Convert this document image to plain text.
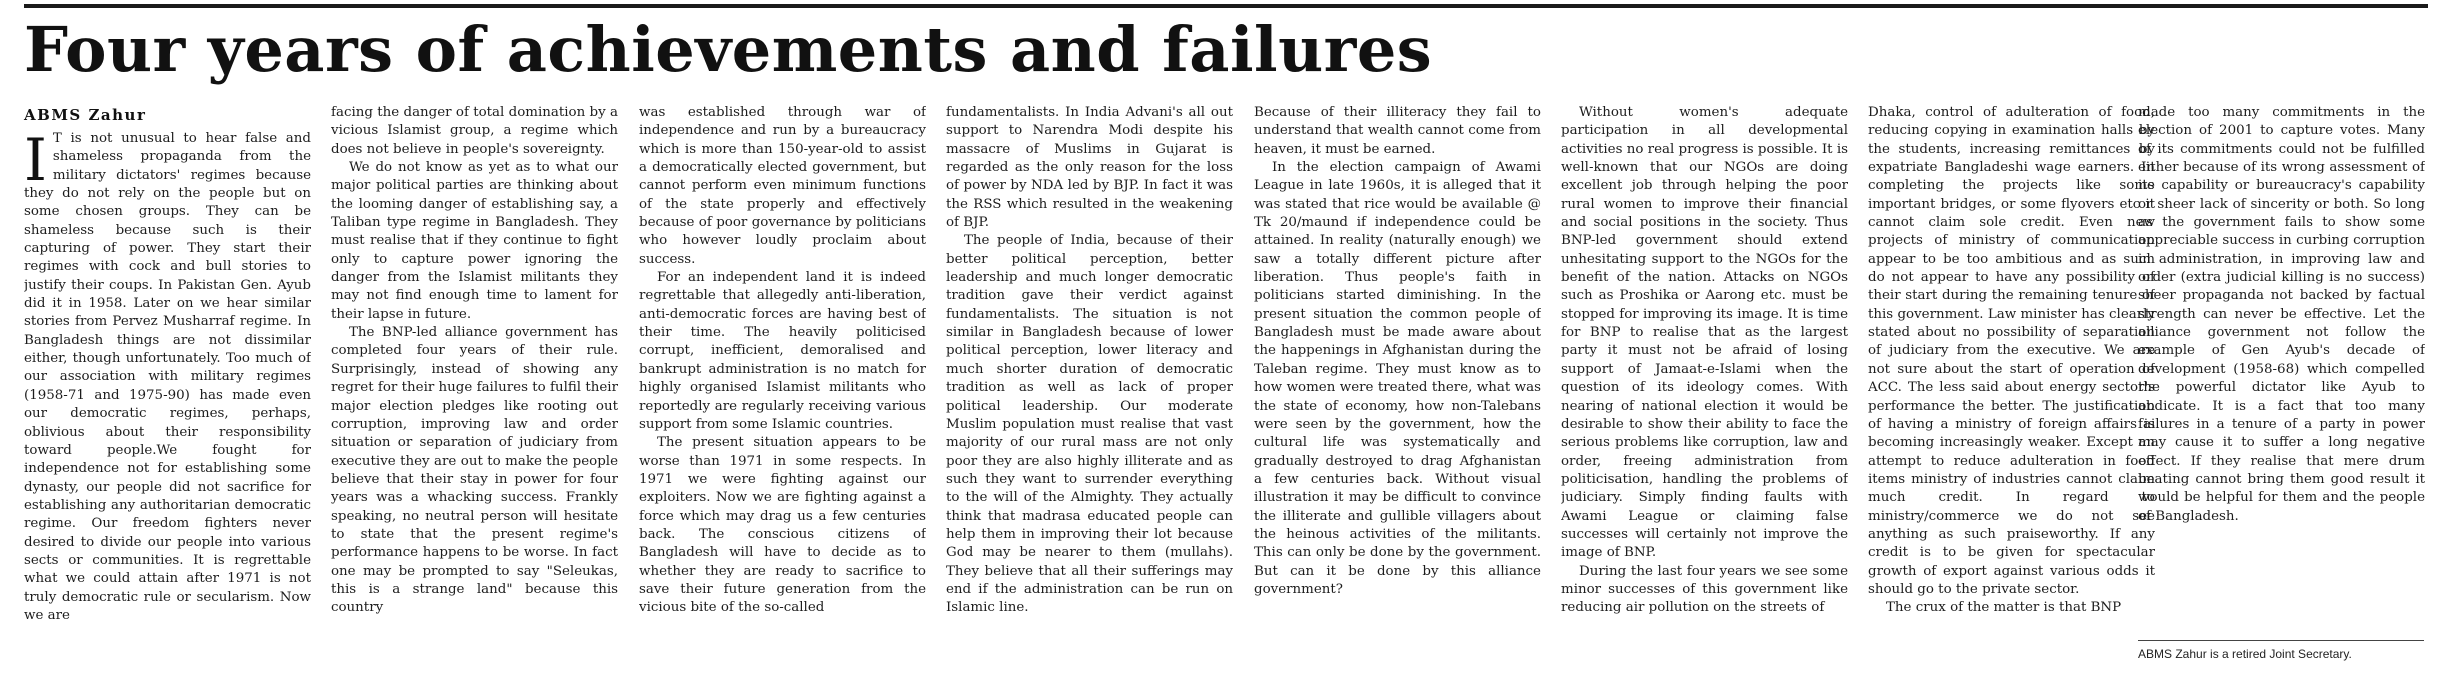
Four years of achievements and failures
ABMS Zahur

I T is not unusual to hear false and shameless propaganda from the military dictators' regimes because they do not rely on the people but on some chosen groups. They can be shameless because such is their capturing of power. They start their regimes with cock and bull stories to justify their coups. In Pakistan Gen. Ayub did it in 1958. Later on we hear similar stories from Pervez Musharraf regime. In Bangladesh things are not dissimilar either, though unfortunately. Too much of our association with military regimes (1958-71 and 1975-90) has made even our democratic regimes, perhaps, oblivious about their responsibility toward people.We fought for independence not for establishing some dynasty, our people did not sacrifice for establishing any authoritarian democratic regime. Our freedom fighters never desired to divide our people into various sects or communities. It is regrettable what we could attain after 1971 is not truly democratic rule or secularism. Now we are

facing the danger of total domination by a vicious Islamist group, a regime which does not believe in people's sovereignty.

We do not know as yet as to what our major political parties are thinking about the looming danger of establishing say, a Taliban type regime in Bangladesh. They must realise that if they continue to fight only to capture power ignoring the danger from the Islamist militants they may not find enough time to lament for their lapse in future.

The BNP-led alliance government has completed four years of their rule. Surprisingly, instead of showing any regret for their huge failures to fulfil their major election pledges like rooting out corruption, improving law and order situation or separation of judiciary from executive they are out to make the people believe that their stay in power for four years was a whacking success. Frankly speaking, no neutral person will hesitate to state that the present regime's performance happens to be worse. In fact one may be prompted to say "Seleukas, this is a strange land" because this country

was established through war of independence and run by a bureaucracy which is more than 150-year-old to assist a democratically elected government, but cannot perform even minimum functions of the state properly and effectively because of poor governance by politicians who however loudly proclaim about success.

For an independent land it is indeed regrettable that allegedly anti-liberation, anti-democratic forces are having best of their time. The heavily politicised corrupt, inefficient, demoralised and bankrupt administration is no match for highly organised Islamist militants who reportedly are regularly receiving various support from some Islamic countries.

The present situation appears to be worse than 1971 in some respects. In 1971 we were fighting against our exploiters. Now we are fighting against a force which may drag us a few centuries back. The conscious citizens of Bangladesh will have to decide as to whether they are ready to sacrifice to save their future generation from the vicious bite of the so-called

fundamentalists. In India Advani's all out support to Narendra Modi despite his massacre of Muslims in Gujarat is regarded as the only reason for the loss of power by NDA led by BJP. In fact it was the RSS which resulted in the weakening of BJP.

The people of India, because of their better political perception, better leadership and much longer democratic tradition gave their verdict against fundamentalists. The situation is not similar in Bangladesh because of lower political perception, lower literacy and much shorter duration of democratic tradition as well as lack of proper political leadership. Our moderate Muslim population must realise that vast majority of our rural mass are not only poor they are also highly illiterate and as such they want to surrender everything to the will of the Almighty. They actually think that madrasa educated people can help them in improving their lot because God may be nearer to them (mullahs). They believe that all their sufferings may end if the administration can be run on Islamic line.

Because of their illiteracy they fail to understand that wealth cannot come from heaven, it must be earned.

In the election campaign of Awami League in late 1960s, it is alleged that it was stated that rice would be available @ Tk 20/maund if independence could be attained. In reality (naturally enough) we saw a totally different picture after liberation. Thus people's faith in politicians started diminishing. In the present situation the common people of Bangladesh must be made aware about the happenings in Afghanistan during the Taleban regime. They must know as to how women were treated there, what was the state of economy, how non-Talebans were seen by the government, how the cultural life was systematically and gradually destroyed to drag Afghanistan a few centuries back. Without visual illustration it may be difficult to convince the illiterate and gullible villagers about the heinous activities of the militants. This can only be done by the government. But can it be done by this alliance government?

Without women's adequate participation in all developmental activities no real progress is possible. It is well-known that our NGOs are doing excellent job through helping the poor rural women to improve their financial and social positions in the society. Thus BNP-led government should extend unhesitating support to the NGOs for the benefit of the nation. Attacks on NGOs such as Proshika or Aarong etc. must be stopped for improving its image. It is time for BNP to realise that as the largest party it must not be afraid of losing support of Jamaat-e-Islami when the question of its ideology comes. With nearing of national election it would be desirable to show their ability to face the serious problems like corruption, law and order, freeing administration from politicisation, handling the problems of judiciary. Simply finding faults with Awami League or claiming false successes will certainly not improve the image of BNP.

During the last four years we see some minor successes of this government like reducing air pollution on the streets of

Dhaka, control of adulteration of food, reducing copying in examination halls by the students, increasing remittances by expatriate Bangladeshi wage earners. In completing the projects like some important bridges, or some flyovers etc it cannot claim sole credit. Even new projects of ministry of communication appear to be too ambitious and as such do not appear to have any possibility of their start during the remaining tenure of this government. Law minister has clearly stated about no possibility of separation of judiciary from the executive. We are not sure about the start of operation of ACC. The less said about energy sector's performance the better. The justification of having a ministry of foreign affairs is becoming increasingly weaker. Except an attempt to reduce adulteration in food items ministry of industries cannot claim much credit. In regard to ministry/commerce we do not see anything as such praiseworthy. If any credit is to be given for spectacular growth of export against various odds it should go to the private sector.

The crux of the matter is that BNP

made too many commitments in the election of 2001 to capture votes. Many of its commitments could not be fulfilled either because of its wrong assessment of its capability or bureaucracy's capability or sheer lack of sincerity or both. So long as the government fails to show some appreciable success in curbing corruption in administration, in improving law and order (extra judicial killing is no success) sheer propaganda not backed by factual strength can never be effective. Let the alliance government not follow the example of Gen Ayub's decade of development (1958-68) which compelled the powerful dictator like Ayub to abdicate. It is a fact that too many failures in a tenure of a party in power may cause it to suffer a long negative effect. If they realise that mere drum beating cannot bring them good result it would be helpful for them and the people of Bangladesh.

ABMS Zahur is a retired Joint Secretary.
